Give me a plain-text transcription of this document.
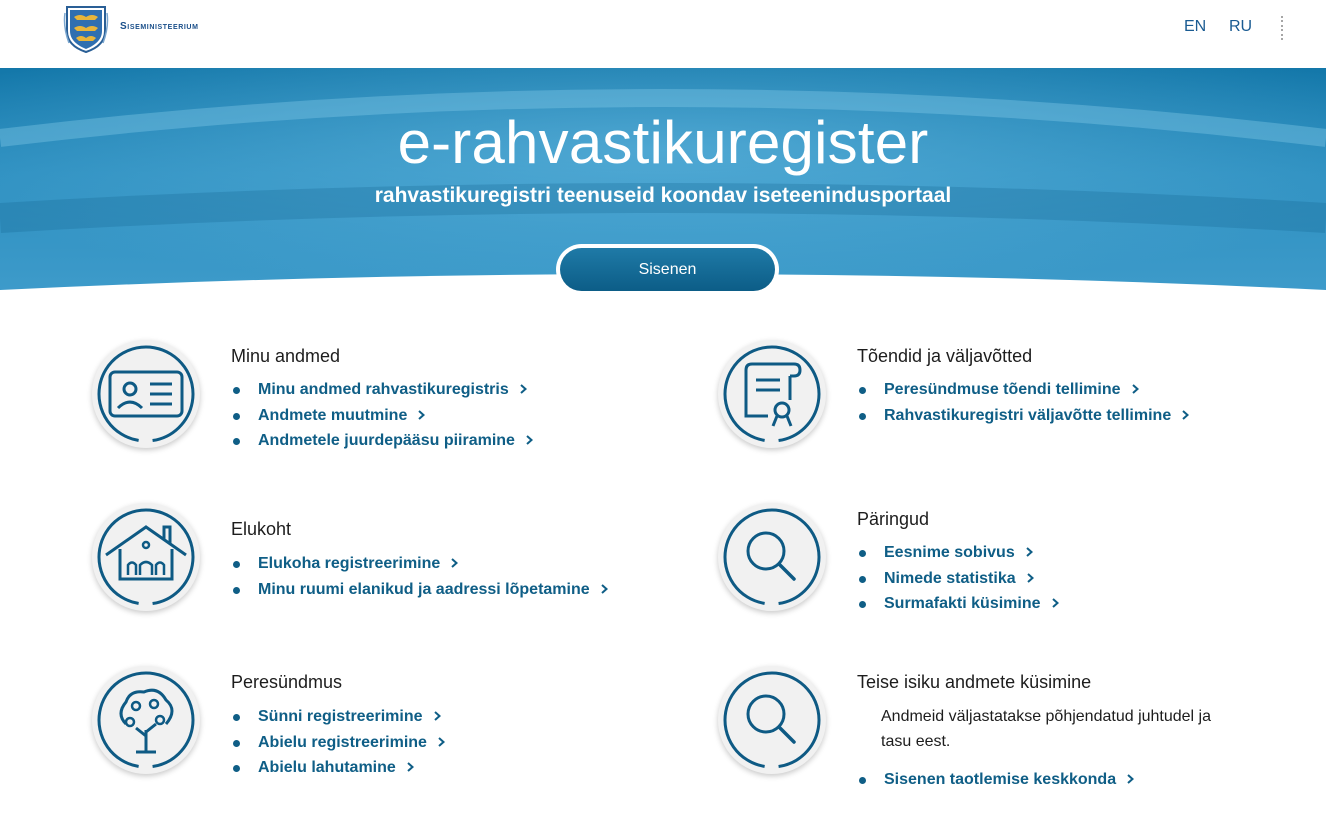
Siseministeerium	EN RU
e-rahvastikuregister
rahvastikuregistri teenuseid koondav iseteenindusportaal
Sisenen
Minu andmed
Minu andmed rahvastikuregistris
Andmete muutmine
Andmetele juurdepääsu piiramine
Tõendid ja väljavõtted
Peresündmuse tõendi tellimine
Rahvastikuregistri väljavõtte tellimine
Elukoht
Elukoha registreerimine
Minu ruumi elanikud ja aadressi lõpetamine
Päringud
Eesnime sobivus
Nimede statistika
Surmafakti küsimine
Peresündmus
Sünni registreerimine
Abielu registreerimine
Abielu lahutamine
Teise isiku andmete küsimine
Andmeid väljastatakse põhjendatud juhtudel ja tasu eest.
Sisenen taotlemise keskkonda
